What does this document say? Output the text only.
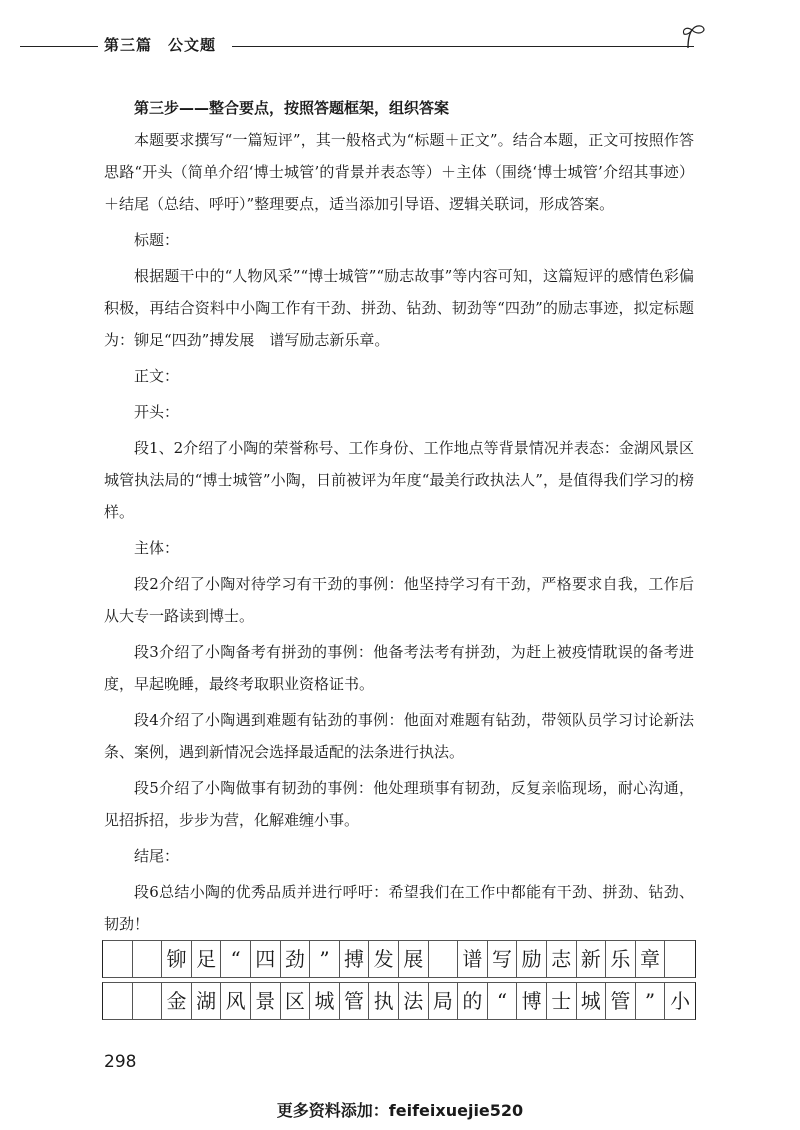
第三篇　公文题

第三步——整合要点，按照答题框架，组织答案

本题要求撰写“一篇短评”，其一般格式为“标题＋正文”。结合本题，正文可按照作答思路“开头（简单介绍‘博士城管’的背景并表态等）＋主体（围绕‘博士城管’介绍其事迹）＋结尾（总结、呼吁）”整理要点，适当添加引导语、逻辑关联词，形成答案。

标题：

根据题干中的“人物风采”“博士城管”“励志故事”等内容可知，这篇短评的感情色彩偏积极，再结合资料中小陶工作有干劲、拼劲、钻劲、韧劲等“四劲”的励志事迹，拟定标题为：铆足“四劲”搏发展　谱写励志新乐章。

正文：

开头：

段1、2介绍了小陶的荣誉称号、工作身份、工作地点等背景情况并表态：金湖风景区城管执法局的“博士城管”小陶，日前被评为年度“最美行政执法人”，是值得我们学习的榜样。

主体：

段2介绍了小陶对待学习有干劲的事例：他坚持学习有干劲，严格要求自我，工作后从大专一路读到博士。

段3介绍了小陶备考有拼劲的事例：他备考法考有拼劲，为赶上被疫情耽误的备考进度，早起晚睡，最终考取职业资格证书。

段4介绍了小陶遇到难题有钻劲的事例：他面对难题有钻劲，带领队员学习讨论新法条、案例，遇到新情况会选择最适配的法条进行执法。

段5介绍了小陶做事有韧劲的事例：他处理琐事有韧劲，反复亲临现场，耐心沟通，见招拆招，步步为营，化解难缠小事。

结尾：

段6总结小陶的优秀品质并进行呼吁：希望我们在工作中都能有干劲、拼劲、钻劲、韧劲！

铆 足 “ 四 劲 ” 搏 发 展 谱 写 励 志 新 乐 章
金 湖 风 景 区 城 管 执 法 局 的 “ 博 士 城 管 ” 小
298
更多资料添加：feifeixuejie520
